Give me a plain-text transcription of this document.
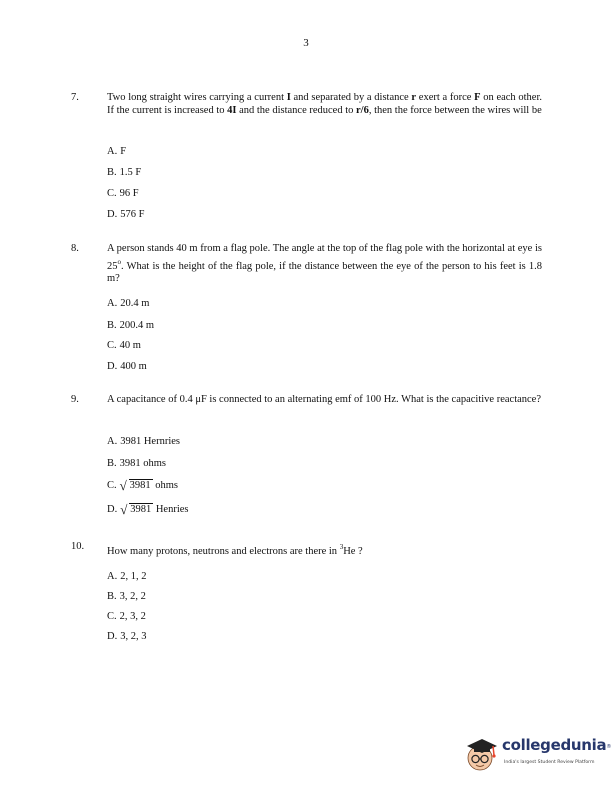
3
7.	Two long straight wires carrying a current I and separated by a distance r exert a force F on each other. If the current is increased to 4I and the distance reduced to r/6, then the force between the wires will be
A. F
B. 1.5 F
C. 96 F
D. 576 F
8.	A person stands 40 m from a flag pole. The angle at the top of the flag pole with the horizontal at eye is 25$^o$. What is the height of the flag pole, if the distance between the eye of the person to his feet is 1.8 m?
A. 20.4 m
B. 200.4 m
C. 40 m
D. 400 m
9.	A capacitance of 0.4 μF is connected to an alternating emf of 100 Hz. What is the capacitive reactance?
A. 3981 Hernries
B. 3981 ohms
C. √ 3981 ohms
D. √ 3981 Henries
10. How many protons, neutrons and electrons are there in $^3$He ?
A. 2, 1, 2
B. 3, 2, 2
C. 2, 3, 2
D. 3, 2, 3
collegedunia®
India's largest Student Review Platform
